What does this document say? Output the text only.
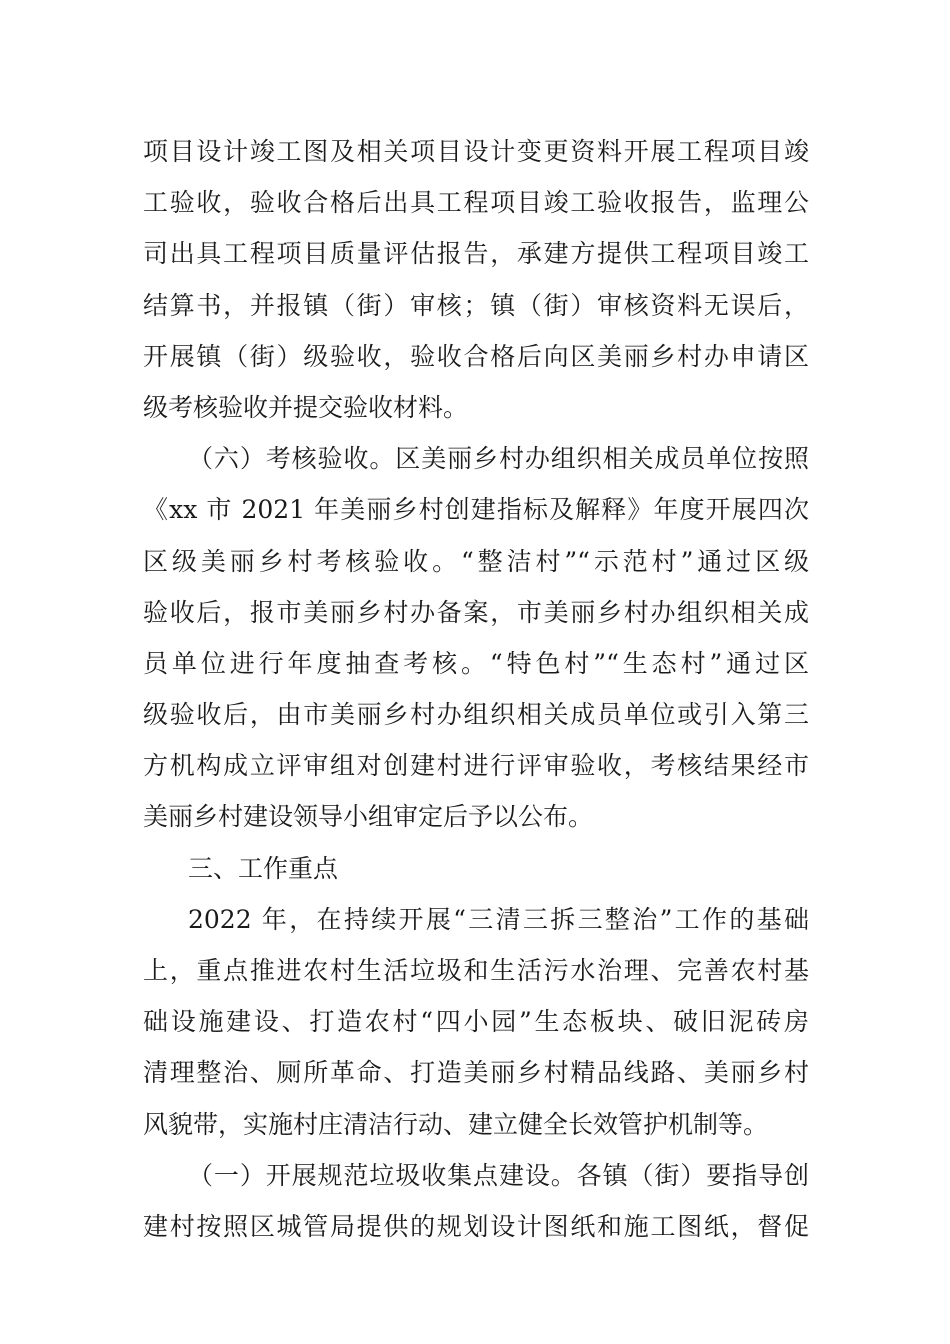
项目设计竣工图及相关项目设计变更资料开展工程项目竣
工验收，验收合格后出具工程项目竣工验收报告，监理公
司出具工程项目质量评估报告，承建方提供工程项目竣工
结算书，并报镇（街）审核；镇（街）审核资料无误后，
开展镇（街）级验收，验收合格后向区美丽乡村办申请区
级考核验收并提交验收材料。
（六）考核验收。区美丽乡村办组织相关成员单位按照
《xx 市 2021 年美丽乡村创建指标及解释》年度开展四次
区级美丽乡村考核验收。“整洁村”“示范村”通过区级
验收后，报市美丽乡村办备案，市美丽乡村办组织相关成
员单位进行年度抽查考核。“特色村”“生态村”通过区
级验收后，由市美丽乡村办组织相关成员单位或引入第三
方机构成立评审组对创建村进行评审验收，考核结果经市
美丽乡村建设领导小组审定后予以公布。
三、工作重点
2022 年，在持续开展“三清三拆三整治”工作的基础
上，重点推进农村生活垃圾和生活污水治理、完善农村基
础设施建设、打造农村“四小园”生态板块、破旧泥砖房
清理整治、厕所革命、打造美丽乡村精品线路、美丽乡村
风貌带，实施村庄清洁行动、建立健全长效管护机制等。
（一）开展规范垃圾收集点建设。各镇（街）要指导创
建村按照区城管局提供的规划设计图纸和施工图纸，督促
